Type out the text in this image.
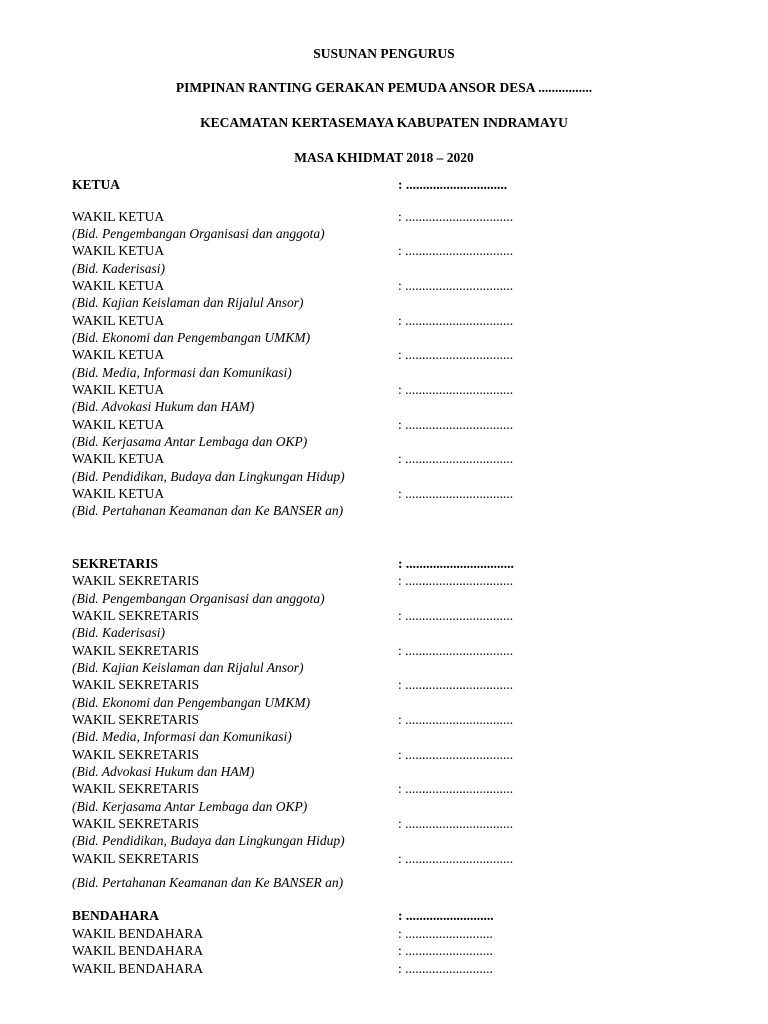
SUSUNAN PENGURUS
PIMPINAN RANTING GERAKAN PEMUDA ANSOR DESA ................
KECAMATAN KERTASEMAYA KABUPATEN INDRAMAYU
MASA KHIDMAT 2018 – 2020
KETUA	: ..............................
WAKIL KETUA	: ................................
(Bid. Pengembangan Organisasi dan anggota)
WAKIL KETUA	: ................................
(Bid. Kaderisasi)
WAKIL KETUA	: ................................
(Bid. Kajian Keislaman dan Rijalul Ansor)
WAKIL KETUA	: ................................
(Bid. Ekonomi dan Pengembangan UMKM)
WAKIL KETUA	: ................................
(Bid. Media, Informasi dan Komunikasi)
WAKIL KETUA	: ................................
(Bid. Advokasi Hukum dan HAM)
WAKIL KETUA	: ................................
(Bid. Kerjasama Antar Lembaga dan OKP)
WAKIL KETUA	: ................................
(Bid. Pendidikan, Budaya dan Lingkungan Hidup)
WAKIL KETUA	: ................................
(Bid. Pertahanan Keamanan dan Ke BANSER an)
SEKRETARIS	: ................................
WAKIL SEKRETARIS	: ................................
(Bid. Pengembangan Organisasi dan anggota)
WAKIL SEKRETARIS	: ................................
(Bid. Kaderisasi)
WAKIL SEKRETARIS	: ................................
(Bid. Kajian Keislaman dan Rijalul Ansor)
WAKIL SEKRETARIS	: ................................
(Bid. Ekonomi dan Pengembangan UMKM)
WAKIL SEKRETARIS	: ................................
(Bid. Media, Informasi dan Komunikasi)
WAKIL SEKRETARIS	: ................................
(Bid. Advokasi Hukum dan HAM)
WAKIL SEKRETARIS	: ................................
(Bid. Kerjasama Antar Lembaga dan OKP)
WAKIL SEKRETARIS	: ................................
(Bid. Pendidikan, Budaya dan Lingkungan Hidup)
WAKIL SEKRETARIS	: ................................
(Bid. Pertahanan Keamanan dan Ke BANSER an)
BENDAHARA	: ..........................
WAKIL BENDAHARA	: ..........................
WAKIL BENDAHARA	: ..........................
WAKIL BENDAHARA	: ..........................
